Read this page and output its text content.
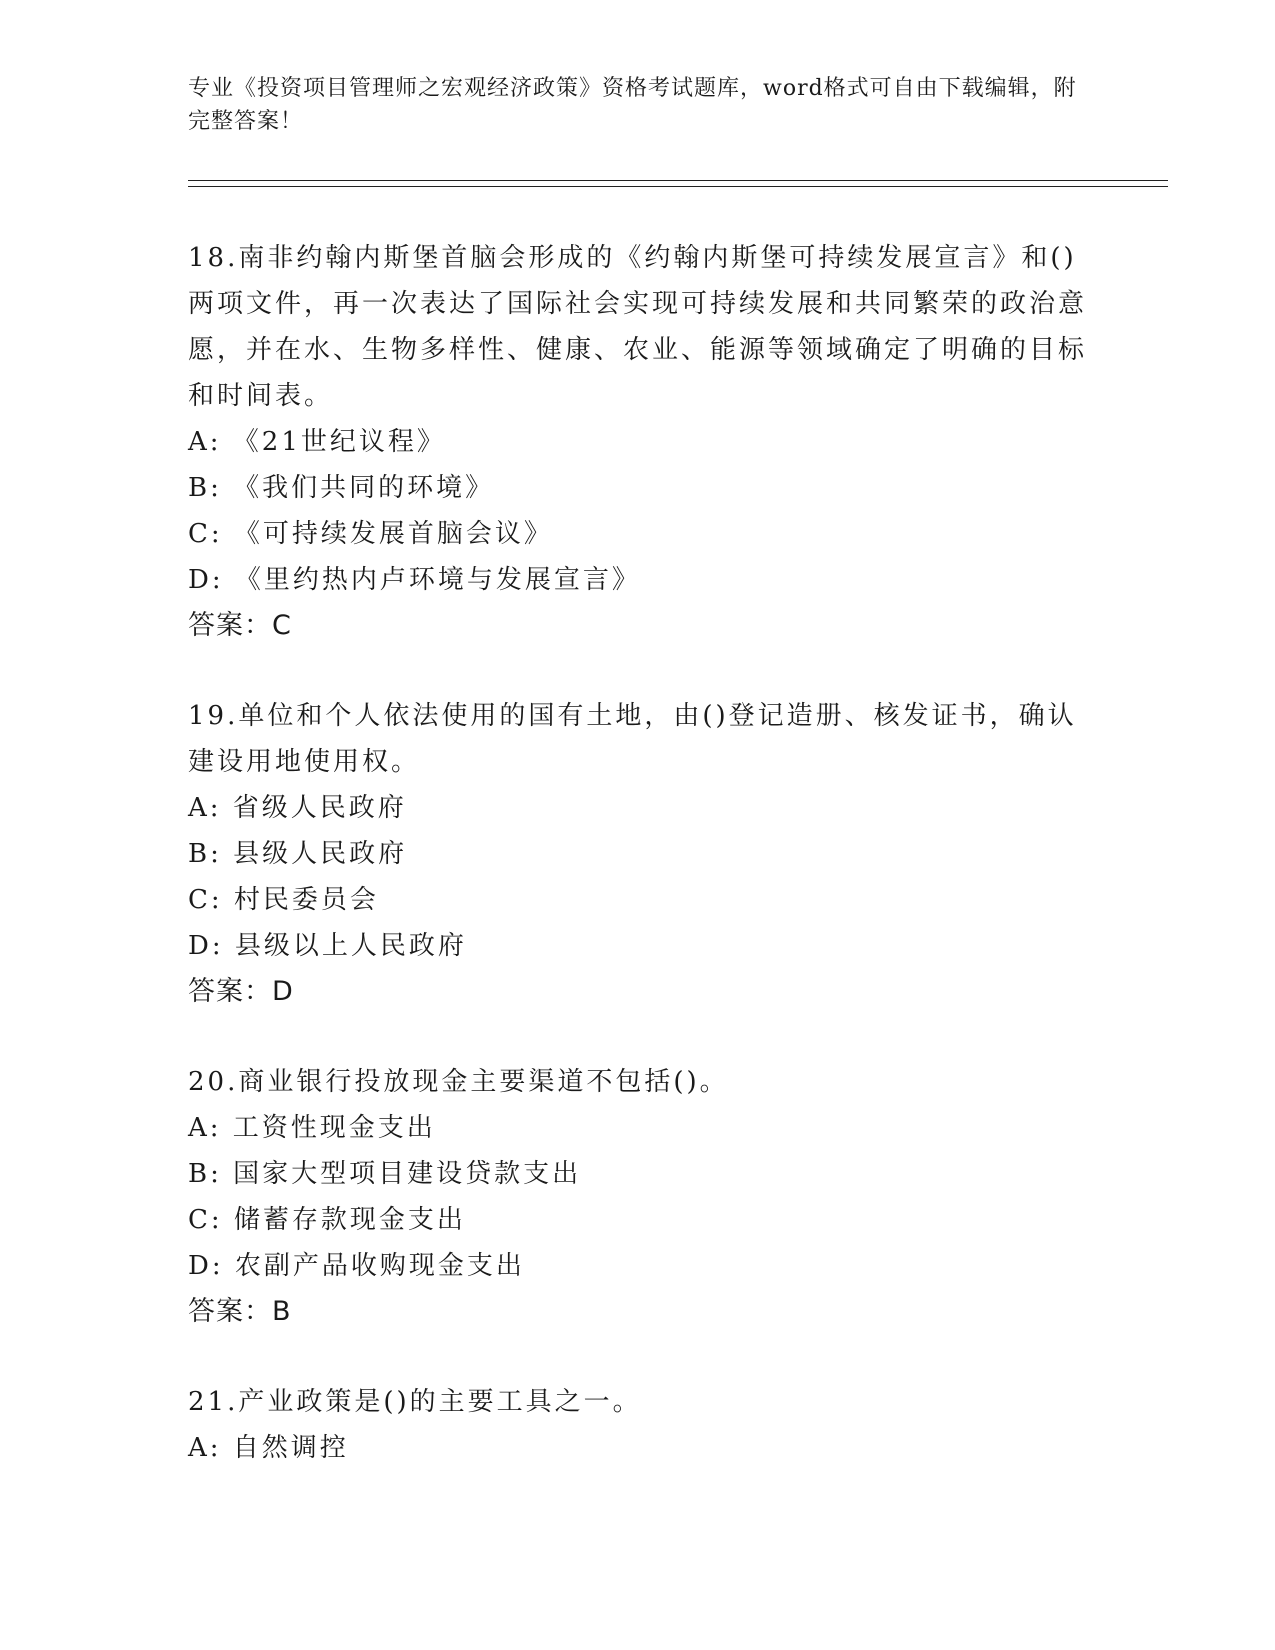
专业《投资项目管理师之宏观经济政策》资格考试题库，word格式可自由下载编辑，附完整答案！
18.南非约翰内斯堡首脑会形成的《约翰内斯堡可持续发展宣言》和()两项文件，再一次表达了国际社会实现可持续发展和共同繁荣的政治意愿，并在水、生物多样性、健康、农业、能源等领域确定了明确的目标和时间表。
A: 《21世纪议程》
B: 《我们共同的环境》
C: 《可持续发展首脑会议》
D: 《里约热内卢环境与发展宣言》
答案：C
19.单位和个人依法使用的国有土地，由()登记造册、核发证书，确认建设用地使用权。
A: 省级人民政府
B: 县级人民政府
C: 村民委员会
D: 县级以上人民政府
答案：D
20.商业银行投放现金主要渠道不包括()。
A: 工资性现金支出
B: 国家大型项目建设贷款支出
C: 储蓄存款现金支出
D: 农副产品收购现金支出
答案：B
21.产业政策是()的主要工具之一。
A: 自然调控
